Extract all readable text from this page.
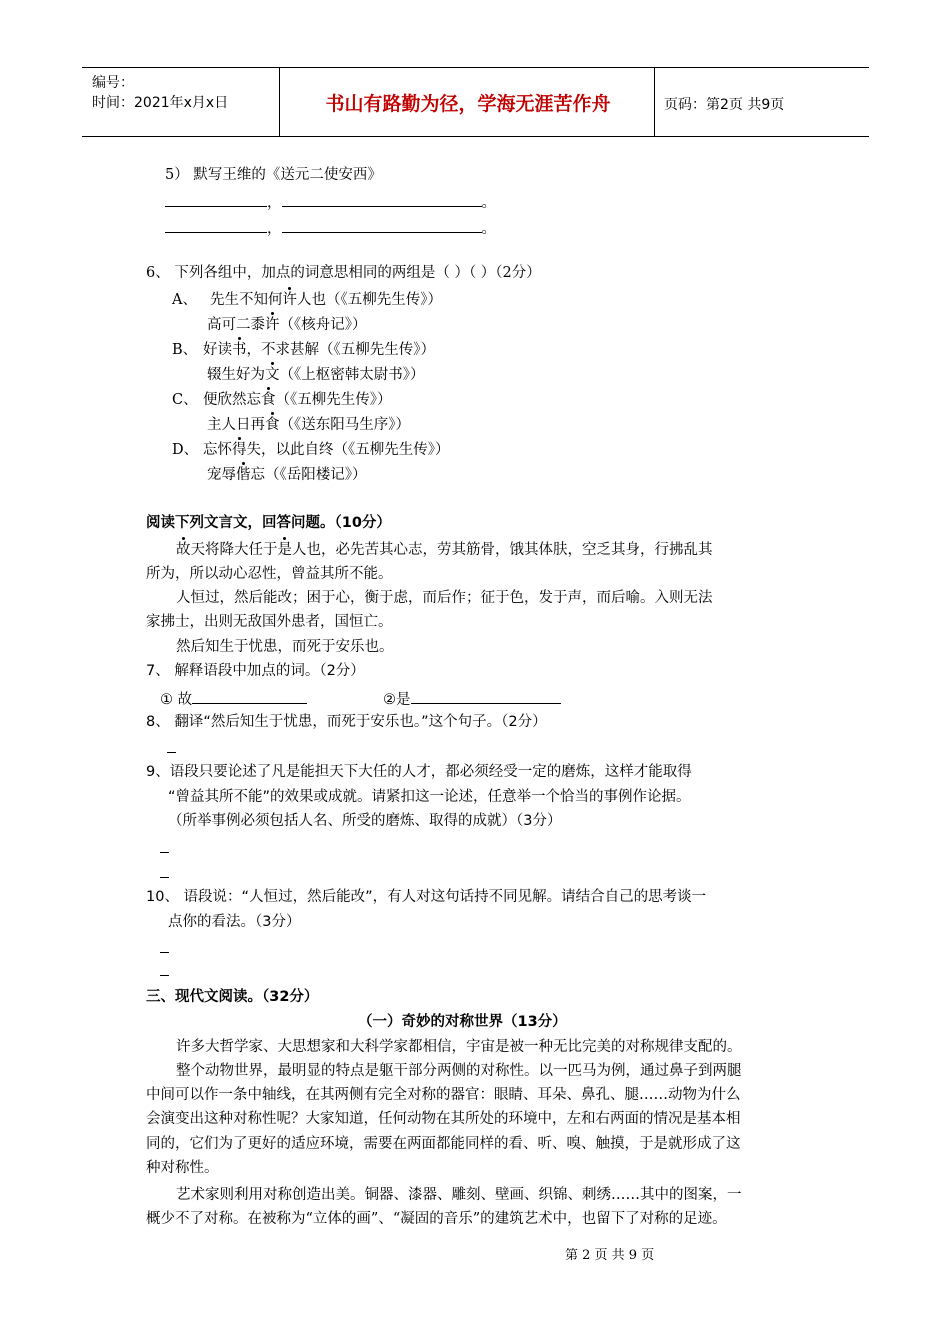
编号：
时间：2021年x月x日	书山有路勤为径，学海无涯苦作舟	页码：第2页 共9页
5） 默写王维的《送元二使安西》
，	。
，	。
6、 下列各组中，加点的词意思相同的两组是（ ）（ ）（2分）
A、 先生不知何许人也（《五柳先生传》）
高可二黍许（《核舟记》）
B、 好读书，不求甚解（《五柳先生传》）
辍生好为文（《上枢密韩太尉书》）
C、 便欣然忘食（《五柳先生传》）
主人日再食（《送东阳马生序》）
D、 忘怀得失，以此自终（《五柳先生传》）
宠辱偕忘（《岳阳楼记》）
阅读下列文言文，回答问题。（10分）
故天将降大任于是人也，必先苦其心志，劳其筋骨，饿其体肤，空乏其身，行拂乱其
所为，所以动心忍性，曾益其所不能。
人恒过，然后能改；困于心，衡于虑，而后作；征于色，发于声，而后喻。入则无法
家拂士，出则无敌国外患者，国恒亡。
然后知生于忧患，而死于安乐也。
7、 解释语段中加点的词。（2分）
① 故	②是
8、 翻译“然后知生于忧患，而死于安乐也。”这个句子。（2分）
9、语段只要论述了凡是能担天下大任的人才，都必须经受一定的磨炼，这样才能取得
“曾益其所不能”的效果或成就。请紧扣这一论述，任意举一个恰当的事例作论据。
（所举事例必须包括人名、所受的磨炼、取得的成就）（3分）
10、 语段说：“人恒过，然后能改”，有人对这句话持不同见解。请结合自己的思考谈一
点你的看法。（3分）
三、现代文阅读。（32分）
（一）奇妙的对称世界（13分）
许多大哲学家、大思想家和大科学家都相信，宇宙是被一种无比完美的对称规律支配的。
整个动物世界，最明显的特点是躯干部分两侧的对称性。以一匹马为例，通过鼻子到两腿
中间可以作一条中轴线，在其两侧有完全对称的器官：眼睛、耳朵、鼻孔、腿……动物为什么
会演变出这种对称性呢？大家知道，任何动物在其所处的环境中，左和右两面的情况是基本相
同的，它们为了更好的适应环境，需要在两面都能同样的看、听、嗅、触摸，于是就形成了这
种对称性。
艺术家则利用对称创造出美。铜器、漆器、雕刻、壁画、织锦、刺绣……其中的图案，一
概少不了对称。在被称为“立体的画”、“凝固的音乐”的建筑艺术中，也留下了对称的足迹。
第 2 页 共 9 页
